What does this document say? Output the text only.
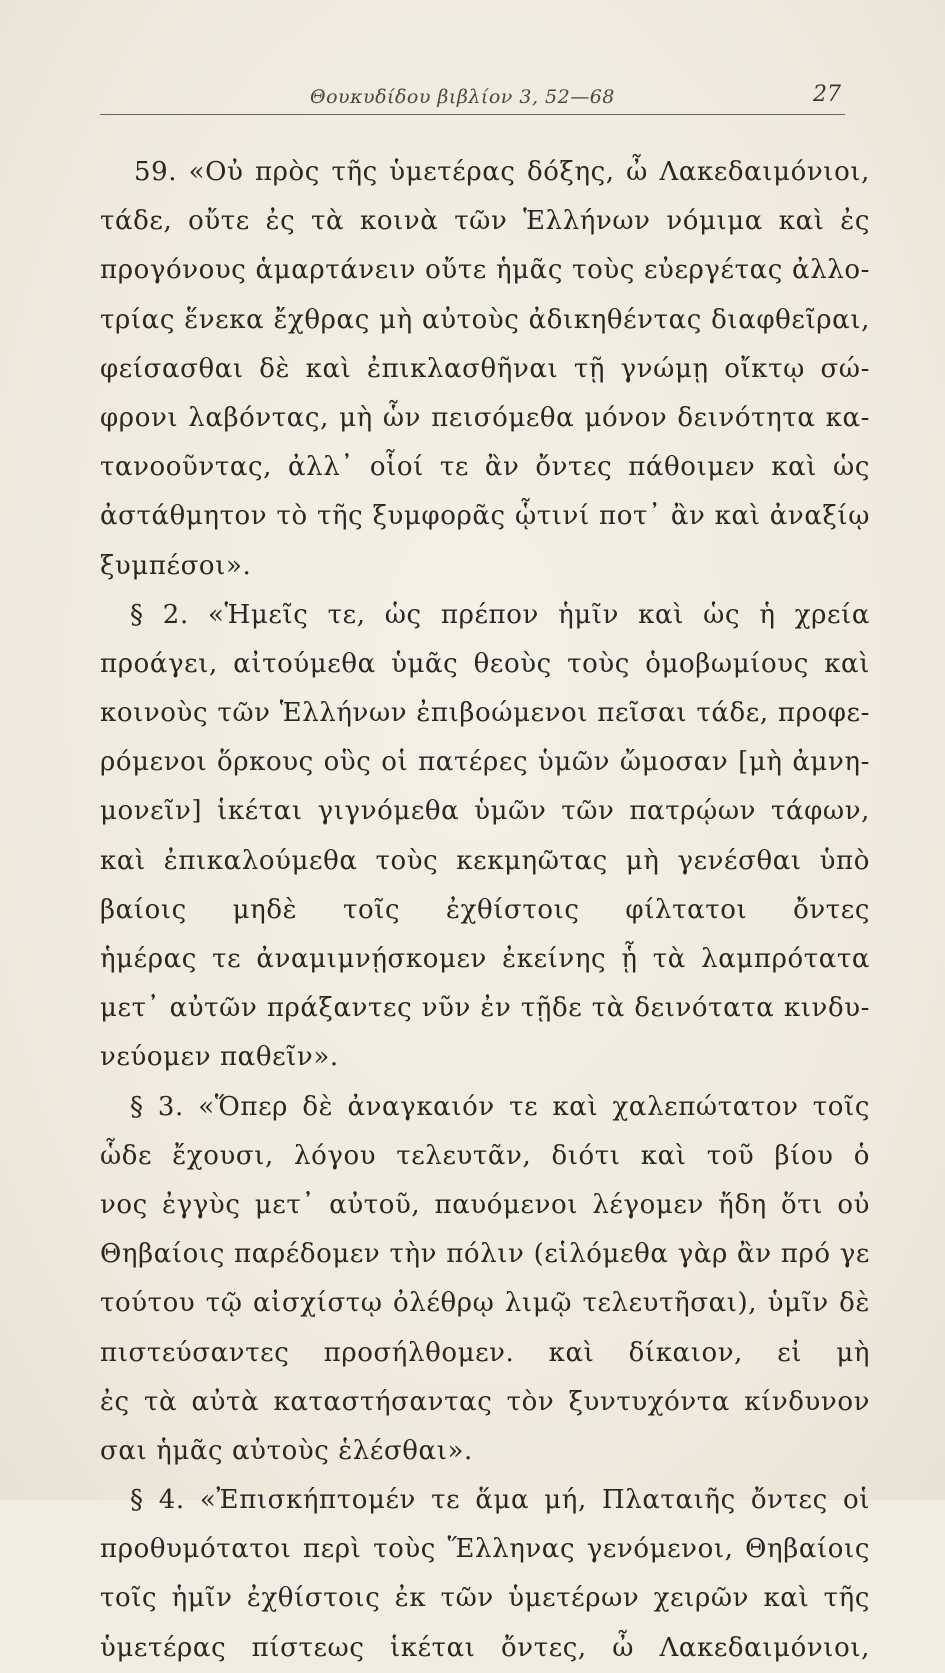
Θουκυδίδου βιβλίον 3, 52—68	27
59. «Οὐ πρὸς τῆς ὑμετέρας δόξης, ὦ Λακεδαιμόνιοι,
τάδε, οὔτε ἐς τὰ κοινὰ τῶν Ἑλλήνων νόμιμα καὶ ἐς
προγόνους ἁμαρτάνειν οὔτε ἡμᾶς τοὺς εὐεργέτας ἀλλο-
τρίας ἕνεκα ἔχθρας μὴ αὐτοὺς ἀδικηθέντας διαφθεῖραι,
φείσασθαι δὲ καὶ ἐπικλασθῆναι τῇ γνώμῃ οἴκτῳ σώ-
φρονι λαβόντας, μὴ ὧν πεισόμεθα μόνον δεινότητα κα-
τανοοῦντας, ἀλλ᾽ οἷοί τε ἂν ὄντες πάθοιμεν καὶ ὡς
ἀστάθμητον τὸ τῆς ξυμφορᾶς ᾧτινί ποτ᾽ ἂν καὶ ἀναξίῳ
ξυμπέσοι».
§ 2. «Ἡμεῖς τε, ὡς πρέπον ἡμῖν καὶ ὡς ἡ χρεία
προάγει, αἰτούμεθα ὑμᾶς θεοὺς τοὺς ὁμοβωμίους καὶ
κοινοὺς τῶν Ἑλλήνων ἐπιβοώμενοι πεῖσαι τάδε, προφε-
ρόμενοι ὅρκους οὓς οἱ πατέρες ὑμῶν ὤμοσαν [μὴ ἀμνη-
μονεῖν] ἱκέται γιγνόμεθα ὑμῶν τῶν πατρῴων τάφων,
καὶ ἐπικαλούμεθα τοὺς κεκμηῶτας μὴ γενέσθαι ὑπὸ
βαίοις μηδὲ τοῖς ἐχθίστοις φίλτατοι ὄντες
ἡμέρας τε ἀναμιμνῄσκομεν ἐκείνης ᾗ τὰ λαμπρότατα
μετ᾽ αὐτῶν πράξαντες νῦν ἐν τῇδε τὰ δεινότατα κινδυ-
νεύομεν παθεῖν».
§ 3. «Ὅπερ δὲ ἀναγκαιόν τε καὶ χαλεπώτατον τοῖς
ὧδε ἔχουσι, λόγου τελευτᾶν, διότι καὶ τοῦ βίου ὁ
νος ἐγγὺς μετ᾽ αὐτοῦ, παυόμενοι λέγομεν ἤδη ὅτι οὐ
Θηβαίοις παρέδομεν τὴν πόλιν (εἱλόμεθα γὰρ ἂν πρό γε
τούτου τῷ αἰσχίστῳ ὀλέθρῳ λιμῷ τελευτῆσαι), ὑμῖν δὲ
πιστεύσαντες προσήλθομεν. καὶ δίκαιον, εἰ μὴ
ἐς τὰ αὐτὰ καταστήσαντας τὸν ξυντυχόντα κίνδυνον
σαι ἡμᾶς αὐτοὺς ἑλέσθαι».
§ 4. «Ἐπισκήπτομέν τε ἅμα μή, Πλαταιῆς ὄντες οἱ
προθυμότατοι περὶ τοὺς Ἕλληνας γενόμενοι, Θηβαίοις
τοῖς ἡμῖν ἐχθίστοις ἐκ τῶν ὑμετέρων χειρῶν καὶ τῆς
ὑμετέρας πίστεως ἱκέται ὄντες, ὦ Λακεδαιμόνιοι,
